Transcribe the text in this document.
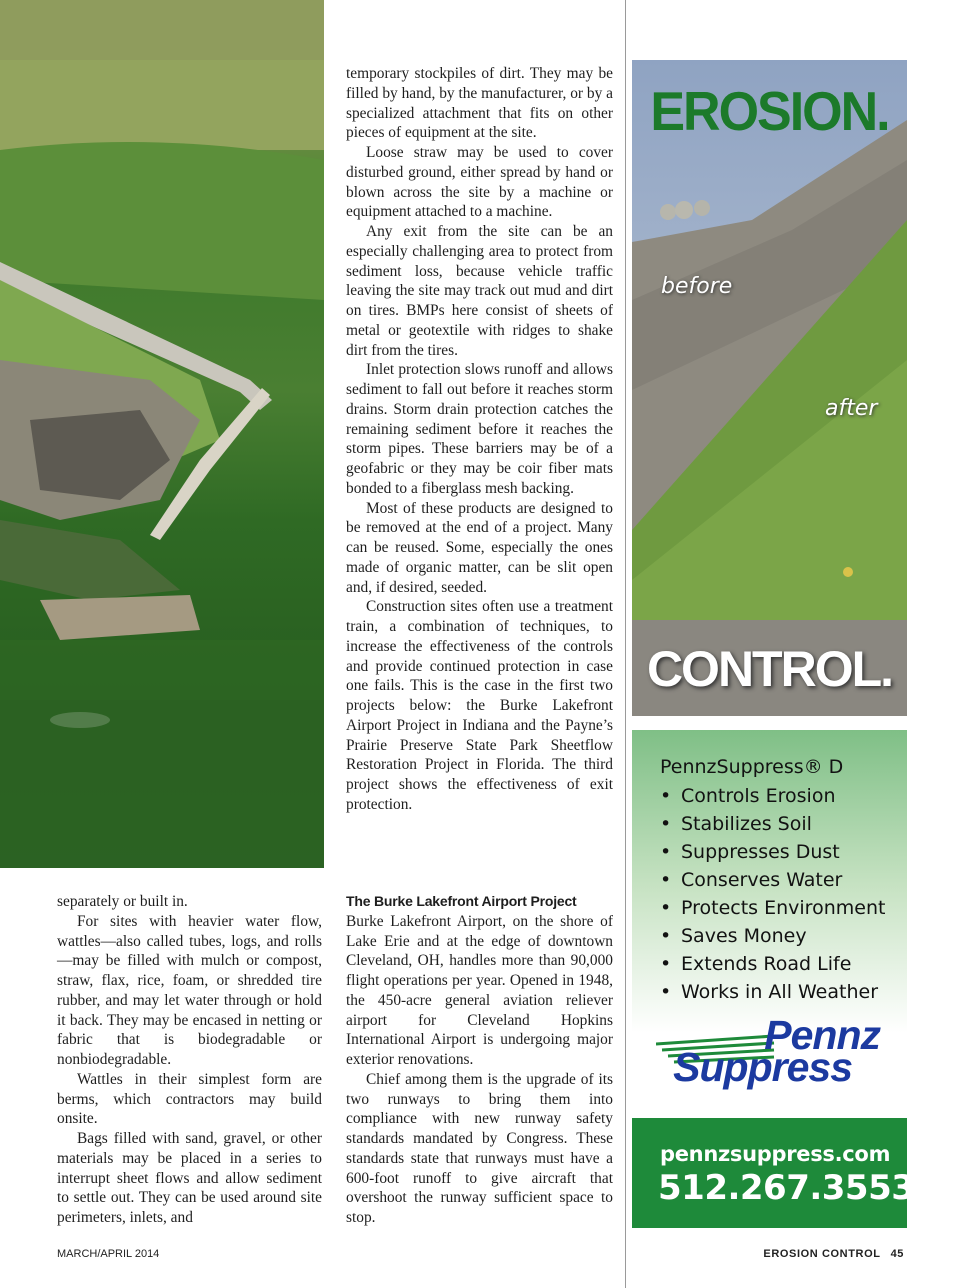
separately or built in.

For sites with heavier water flow, wattles—also called tubes, logs, and rolls—may be filled with mulch or compost, straw, flax, rice, foam, or shredded tire rubber, and may let water through or hold it back. They may be encased in netting or fabric that is biodegradable or nonbiodegradable.

Wattles in their simplest form are berms, which contractors may build onsite.

Bags filled with sand, gravel, or other materials may be placed in a series to interrupt sheet flows and allow sediment to settle out. They can be used around site perimeters, inlets, and

temporary stockpiles of dirt. They may be filled by hand, by the manufacturer, or by a specialized attachment that fits on other pieces of equipment at the site.

Loose straw may be used to cover disturbed ground, either spread by hand or blown across the site by a machine or equipment attached to a machine.

Any exit from the site can be an especially challenging area to protect from sediment loss, because vehicle traffic leaving the site may track out mud and dirt on tires. BMPs here consist of sheets of metal or geotextile with ridges to shake dirt from the tires.

Inlet protection slows runoff and allows sediment to fall out before it reaches storm drains. Storm drain protection catches the remaining sediment before it reaches the storm pipes. These barriers may be of a geofabric or they may be coir fiber mats bonded to a fiberglass mesh backing.

Most of these products are designed to be removed at the end of a project. Many can be reused. Some, especially the ones made of organic matter, can be slit open and, if desired, seeded.

Construction sites often use a treatment train, a combination of techniques, to increase the effectiveness of the controls and provide continued protection in case one fails. This is the case in the first two projects below: the Burke Lakefront Airport Project in Indiana and the Payne’s Prairie Preserve State Park Sheetflow Restoration Project in Florida. The third project shows the effectiveness of exit protection.

The Burke Lakefront Airport Project

Burke Lakefront Airport, on the shore of Lake Erie and at the edge of downtown Cleveland, OH, handles more than 90,000 flight operations per year. Opened in 1948, the 450-acre general aviation reliever airport for Cleveland Hopkins International Airport is undergoing major exterior renovations.

Chief among them is the upgrade of its two runways to bring them into compliance with new runway safety standards mandated by Congress. These standards state that runways must have a 600-foot runoff to give aircraft that overshoot the runway sufficient space to stop.

EROSION.
before
after
CONTROL.
PennzSuppress® D
• Controls Erosion
• Stabilizes Soil
• Suppresses Dust
• Conserves Water
• Protects Environment
• Saves Money
• Extends Road Life
• Works in All Weather
Pennz
Suppress
pennzsuppress.com
512.267.3553
MARCH/APRIL 2014	EROSION CONTROL 45
